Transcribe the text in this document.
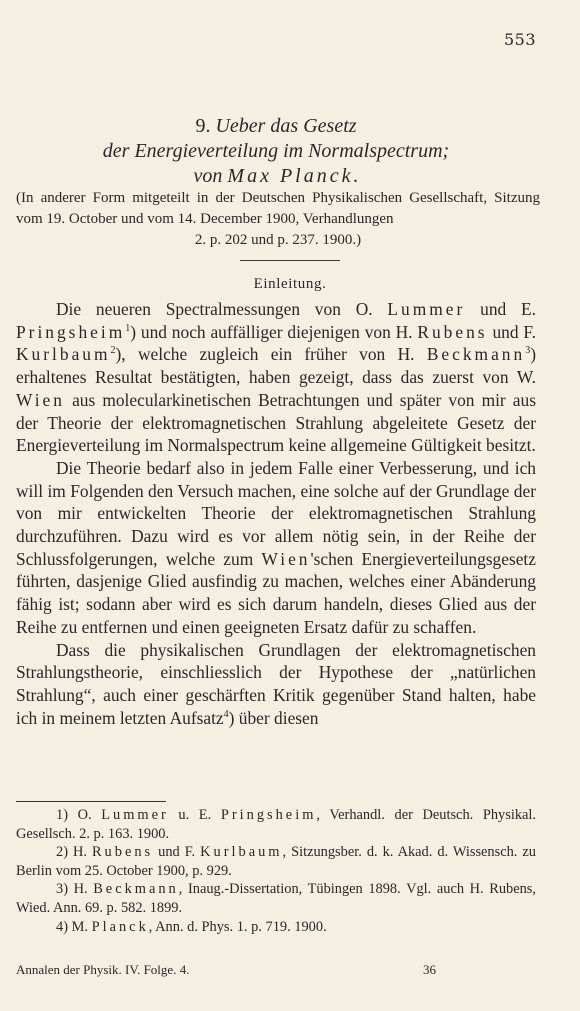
553
9. Ueber das Gesetz
der Energieverteilung im Normalspectrum;
von Max Planck.
(In anderer Form mitgeteilt in der Deutschen Physikalischen Gesellschaft, Sitzung vom 19. October und vom 14. December 1900, Verhandlungen
2. p. 202 und p. 237. 1900.)
Einleitung.

Die neueren Spectralmessungen von O. Lummer und E. Pringsheim$^1$) und noch auffälliger diejenigen von H. Rubens und F. Kurlbaum$^2$), welche zugleich ein früher von H. Beckmann$^3$) erhaltenes Resultat bestätigten, haben gezeigt, dass das zuerst von W. Wien aus molecularkinetischen Betrachtungen und später von mir aus der Theorie der elektromagnetischen Strahlung abgeleitete Gesetz der Energieverteilung im Normalspectrum keine allgemeine Gültigkeit besitzt.

Die Theorie bedarf also in jedem Falle einer Verbesserung, und ich will im Folgenden den Versuch machen, eine solche auf der Grundlage der von mir entwickelten Theorie der elektromagnetischen Strahlung durchzuführen. Dazu wird es vor allem nötig sein, in der Reihe der Schlussfolgerungen, welche zum Wien'schen Energieverteilungsgesetz führten, dasjenige Glied ausfindig zu machen, welches einer Abänderung fähig ist; sodann aber wird es sich darum handeln, dieses Glied aus der Reihe zu entfernen und einen geeigneten Ersatz dafür zu schaffen.

Dass die physikalischen Grundlagen der elektromagnetischen Strahlungstheorie, einschliesslich der Hypothese der „natürlichen Strahlung“, auch einer geschärften Kritik gegenüber Stand halten, habe ich in meinem letzten Aufsatz$^4$) über diesen

1) O. Lummer u. E. Pringsheim, Verhandl. der Deutsch. Physikal. Gesellsch. 2. p. 163. 1900.

2) H. Rubens und F. Kurlbaum, Sitzungsber. d. k. Akad. d. Wissensch. zu Berlin vom 25. October 1900, p. 929.

3) H. Beckmann, Inaug.-Dissertation, Tübingen 1898. Vgl. auch H. Rubens, Wied. Ann. 69. p. 582. 1899.

4) M. Planck, Ann. d. Phys. 1. p. 719. 1900.

Annalen der Physik. IV. Folge. 4.	36
